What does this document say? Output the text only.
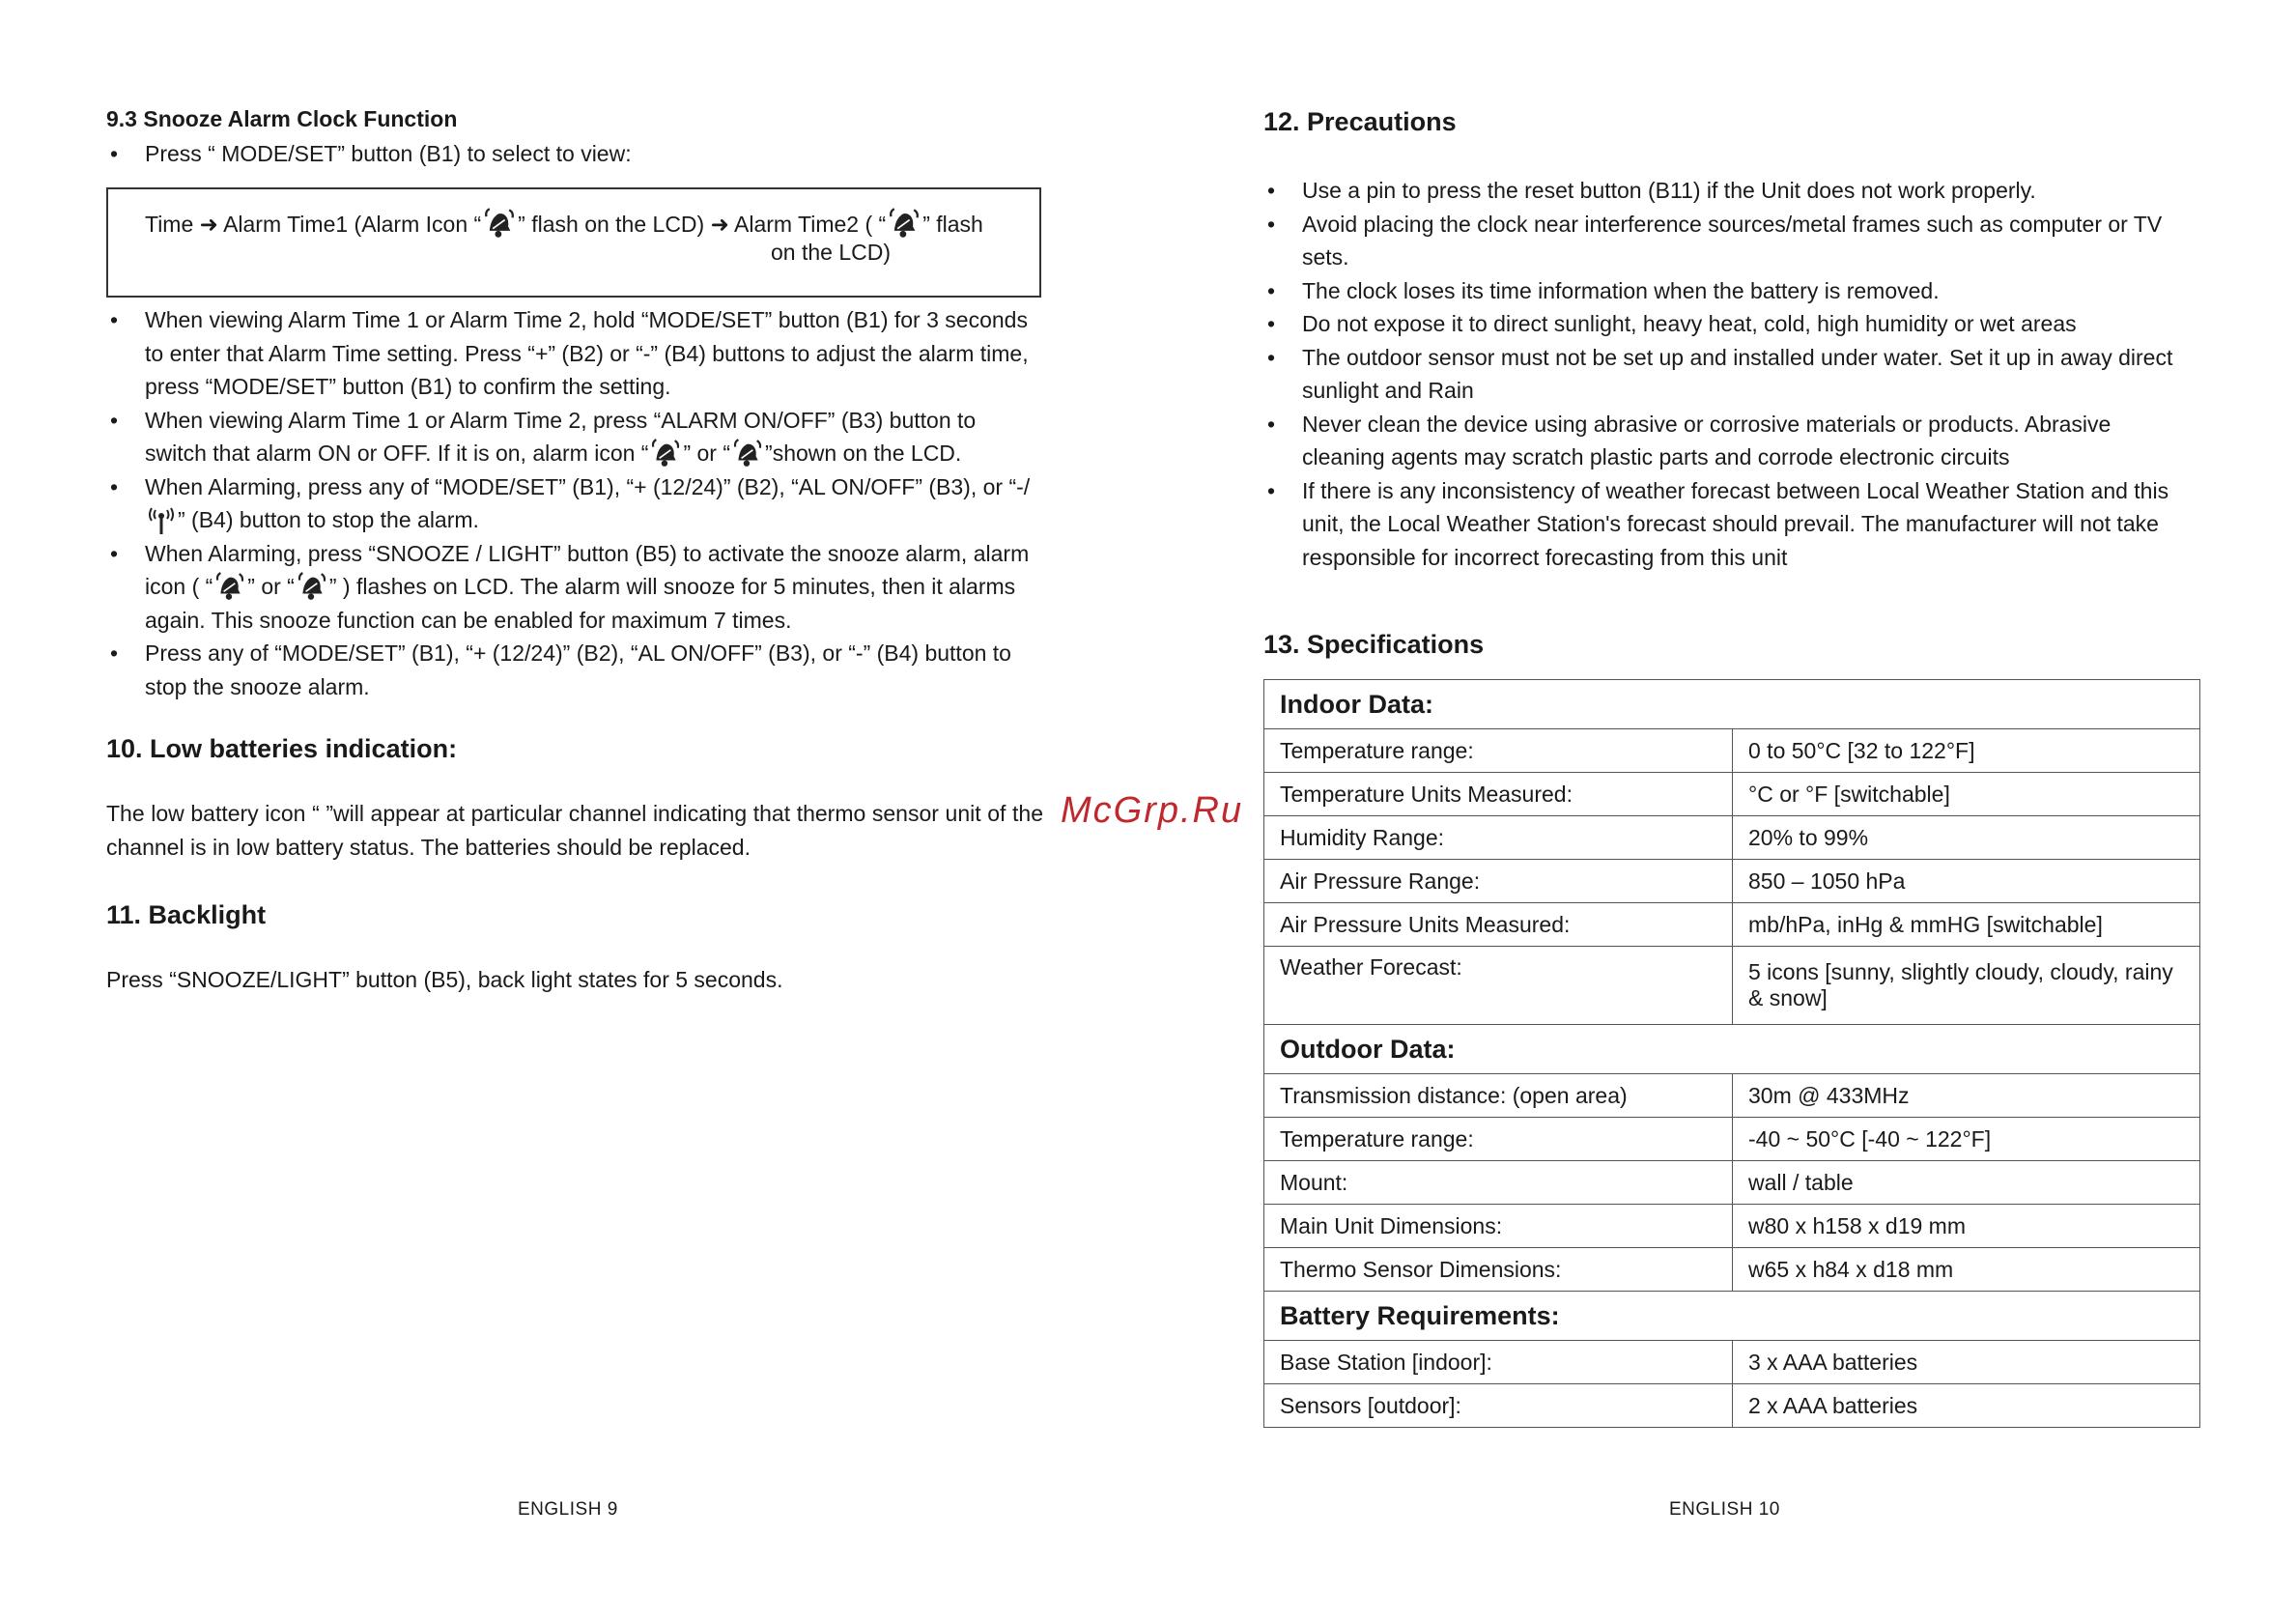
9.3 Snooze Alarm Clock Function
• Press “ MODE/SET” button (B1) to select to view:
Time ➜ Alarm Time1 (Alarm Icon “ ” flash on the LCD) ➜ Alarm Time2 ( “ ” flash
on the LCD)
• When viewing Alarm Time 1 or Alarm Time 2, hold “MODE/SET” button (B1) for 3 seconds to enter that Alarm Time setting. Press “+” (B2) or “-” (B4) buttons to adjust the alarm time, press “MODE/SET” button (B1) to confirm the setting.
• When viewing Alarm Time 1 or Alarm Time 2, press “ALARM ON/OFF” (B3) button to switch that alarm ON or OFF. If it is on, alarm icon “ ” or “ ”shown on the LCD.
• When Alarming, press any of “MODE/SET” (B1), “+ (12/24)” (B2), “AL ON/OFF” (B3), or “-/” (B4) button to stop the alarm.
• When Alarming, press “SNOOZE / LIGHT” button (B5) to activate the snooze alarm, alarm icon ( “ ” or “ ” ) flashes on LCD. The alarm will snooze for 5 minutes, then it alarms again. This snooze function can be enabled for maximum 7 times.
• Press any of “MODE/SET” (B1), “+ (12/24)” (B2), “AL ON/OFF” (B3), or “-” (B4) button to stop the snooze alarm.
10. Low batteries indication:
The low battery icon “ ”will appear at particular channel indicating that thermo sensor unit of the channel is in low battery status. The batteries should be replaced.
11. Backlight
Press “SNOOZE/LIGHT” button (B5), back light states for 5 seconds.
ENGLISH 9
McGrp.Ru
12. Precautions
• Use a pin to press the reset button (B11) if the Unit does not work properly.
• Avoid placing the clock near interference sources/metal frames such as computer or TV sets.
• The clock loses its time information when the battery is removed.
• Do not expose it to direct sunlight, heavy heat, cold, high humidity or wet areas
• The outdoor sensor must not be set up and installed under water. Set it up in away direct sunlight and Rain
• Never clean the device using abrasive or corrosive materials or products. Abrasive cleaning agents may scratch plastic parts and corrode electronic circuits
• If there is any inconsistency of weather forecast between Local Weather Station and this unit, the Local Weather Station's forecast should prevail. The manufacturer will not take responsible for incorrect forecasting from this unit
13. Specifications
Indoor Data:	
Temperature range:	0 to 50°C [32 to 122°F]
Temperature Units Measured:	°C or °F [switchable]
Humidity Range:	20% to 99%
Air Pressure Range:	850 – 1050 hPa
Air Pressure Units Measured:	mb/hPa, inHg & mmHG [switchable]
Weather Forecast:	5 icons [sunny, slightly cloudy, cloudy, rainy & snow]
Outdoor Data:	
Transmission distance: (open area)	30m @ 433MHz
Temperature range:	-40 ~ 50°C [-40 ~ 122°F]
Mount:	wall / table
Main Unit Dimensions:	w80 x h158 x d19 mm
Thermo Sensor Dimensions:	w65 x h84 x d18 mm
Battery Requirements:	
Base Station [indoor]:	3 x AAA batteries
Sensors [outdoor]:	2 x AAA batteries
ENGLISH 10
